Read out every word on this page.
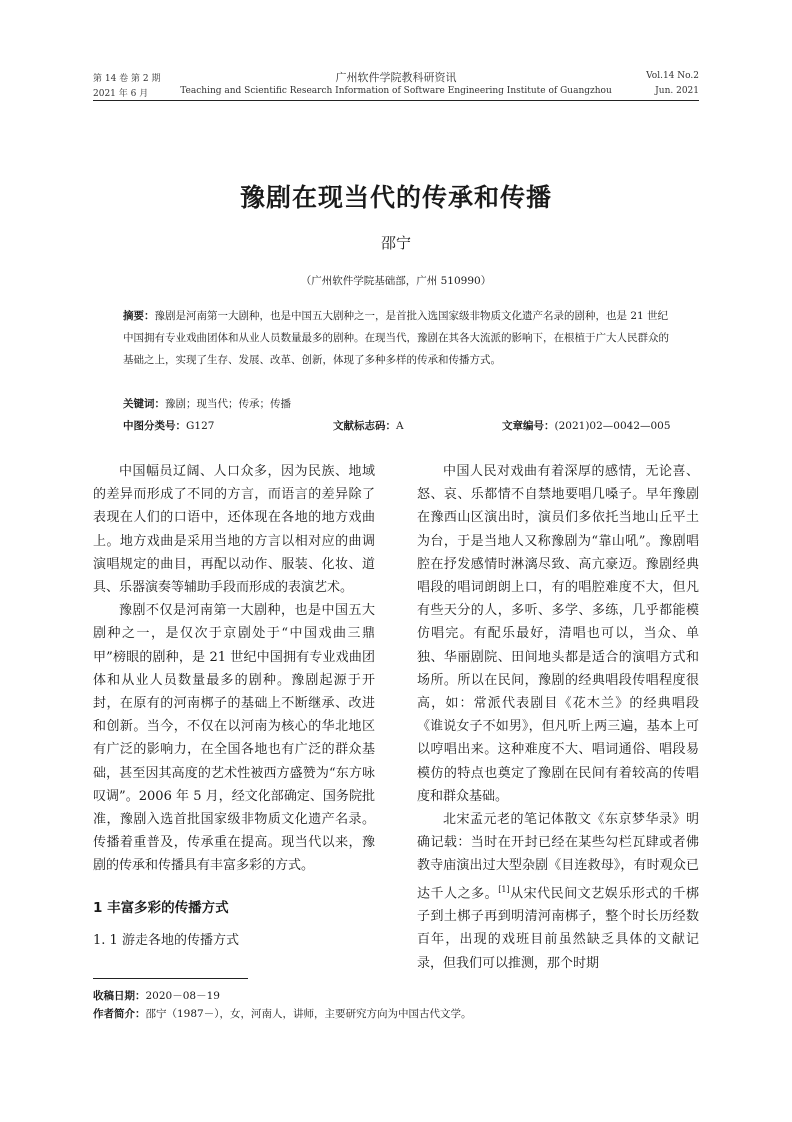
第 14 卷 第 2 期
2021 年 6 月
广州软件学院教科研资讯
Teaching and Scientific Research Information of Software Engineering Institute of Guangzhou
Vol.14 No.2
Jun. 2021
豫剧在现当代的传承和传播
邵宁
（广州软件学院基础部，广州 510990）
摘要：豫剧是河南第一大剧种，也是中国五大剧种之一，是首批入选国家级非物质文化遗产名录的剧种，也是 21 世纪中国拥有专业戏曲团体和从业人员数量最多的剧种。在现当代，豫剧在其各大流派的影响下，在根植于广大人民群众的基础之上，实现了生存、发展、改革、创新，体现了多种多样的传承和传播方式。
关键词：豫剧；现当代；传承；传播
中图分类号：G127	文献标志码：A	文章编号：(2021)02—0042—005

中国幅员辽阔、人口众多，因为民族、地域的差异而形成了不同的方言，而语言的差异除了表现在人们的口语中，还体现在各地的地方戏曲上。地方戏曲是采用当地的方言以相对应的曲调演唱规定的曲目，再配以动作、服装、化妆、道具、乐器演奏等辅助手段而形成的表演艺术。

豫剧不仅是河南第一大剧种，也是中国五大剧种之一，是仅次于京剧处于“中国戏曲三鼎甲”榜眼的剧种，是 21 世纪中国拥有专业戏曲团体和从业人员数量最多的剧种。豫剧起源于开封，在原有的河南梆子的基础上不断继承、改进和创新。当今，不仅在以河南为核心的华北地区有广泛的影响力，在全国各地也有广泛的群众基础，甚至因其高度的艺术性被西方盛赞为“东方咏叹调”。2006 年 5 月，经文化部确定、国务院批准，豫剧入选首批国家级非物质文化遗产名录。传播着重普及，传承重在提高。现当代以来，豫剧的传承和传播具有丰富多彩的方式。

1 丰富多彩的传播方式
1. 1 游走各地的传播方式

中国人民对戏曲有着深厚的感情，无论喜、怒、哀、乐都情不自禁地要唱几嗓子。早年豫剧在豫西山区演出时，演员们多依托当地山丘平土为台，于是当地人又称豫剧为“靠山吼”。豫剧唱腔在抒发感情时淋漓尽致、高亢豪迈。豫剧经典唱段的唱词朗朗上口，有的唱腔难度不大，但凡有些天分的人，多听、多学、多练，几乎都能模仿唱完。有配乐最好，清唱也可以，当众、单独、华丽剧院、田间地头都是适合的演唱方式和场所。所以在民间，豫剧的经典唱段传唱程度很高，如：常派代表剧目《花木兰》的经典唱段《谁说女子不如男》，但凡听上两三遍，基本上可以哼唱出来。这种难度不大、唱词通俗、唱段易模仿的特点也奠定了豫剧在民间有着较高的传唱度和群众基础。

北宋孟元老的笔记体散文《东京梦华录》明确记载：当时在开封已经在某些勾栏瓦肆或者佛教寺庙演出过大型杂剧《目连救母》，有时观众已达千人之多。[1]从宋代民间文艺娱乐形式的千梆子到土梆子再到明清河南梆子，整个时长历经数百年，出现的戏班目前虽然缺乏具体的文献记录，但我们可以推测，那个时期

收稿日期：2020－08－19
作者简介：邵宁（1987－），女，河南人，讲师，主要研究方向为中国古代文学。
